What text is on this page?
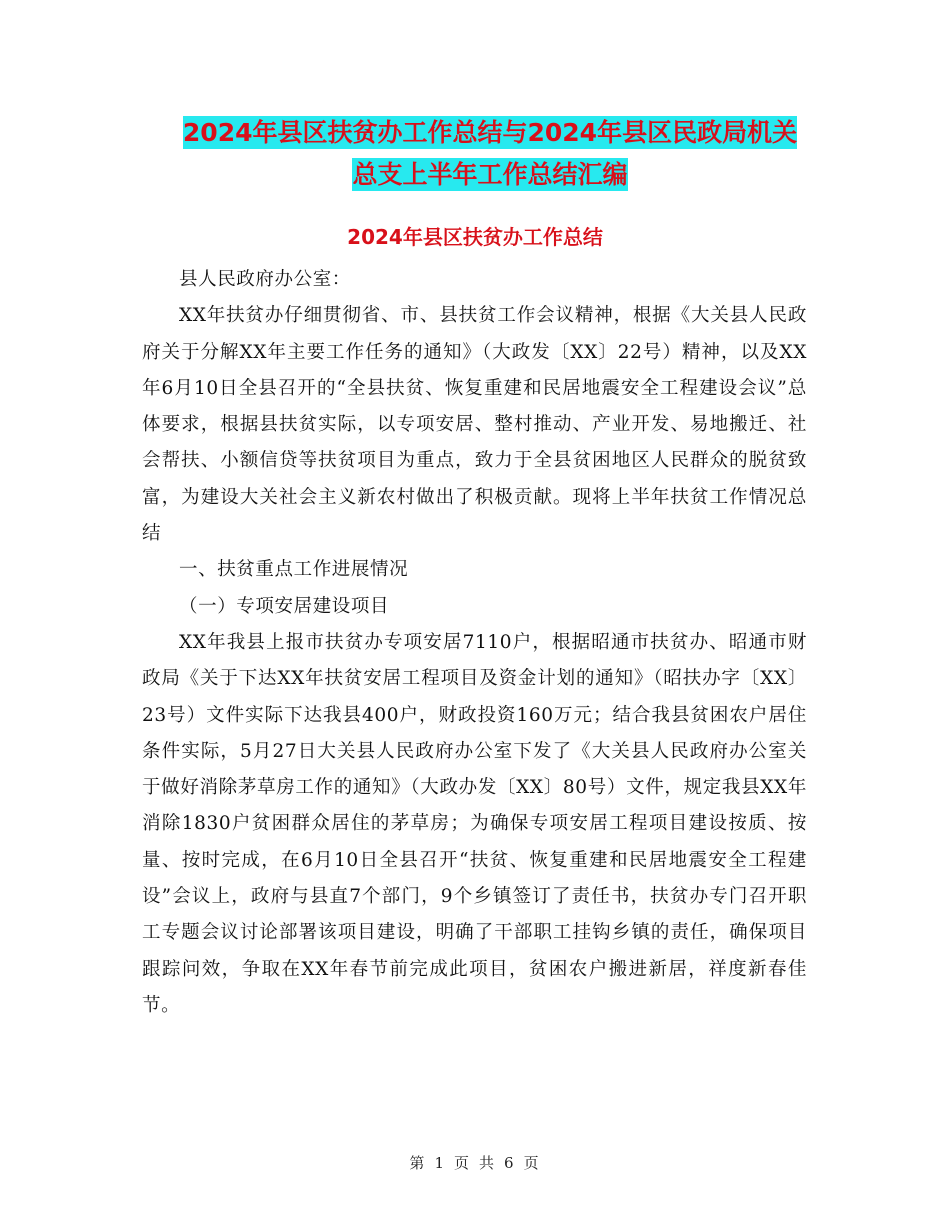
2024年县区扶贫办工作总结与2024年县区民政局机关
总支上半年工作总结汇编
2024年县区扶贫办工作总结

县人民政府办公室：

XX年扶贫办仔细贯彻省、市、县扶贫工作会议精神，根据《大关县人民政府关于分解XX年主要工作任务的通知》（大政发〔XX〕22号）精神，以及XX年6月10日全县召开的“全县扶贫、恢复重建和民居地震安全工程建设会议”总体要求，根据县扶贫实际，以专项安居、整村推动、产业开发、易地搬迁、社会帮扶、小额信贷等扶贫项目为重点，致力于全县贫困地区人民群众的脱贫致富，为建设大关社会主义新农村做出了积极贡献。现将上半年扶贫工作情况总结

一、扶贫重点工作进展情况

（一）专项安居建设项目

XX年我县上报市扶贫办专项安居7110户，根据昭通市扶贫办、昭通市财政局《关于下达XX年扶贫安居工程项目及资金计划的通知》（昭扶办字〔XX〕23号）文件实际下达我县400户，财政投资160万元；结合我县贫困农户居住条件实际，5月27日大关县人民政府办公室下发了《大关县人民政府办公室关于做好消除茅草房工作的通知》（大政办发〔XX〕80号）文件，规定我县XX年消除1830户贫困群众居住的茅草房；为确保专项安居工程项目建设按质、按量、按时完成，在6月10日全县召开“扶贫、恢复重建和民居地震安全工程建设”会议上，政府与县直7个部门，9个乡镇签订了责任书，扶贫办专门召开职工专题会议讨论部署该项目建设，明确了干部职工挂钩乡镇的责任，确保项目跟踪问效，争取在XX年春节前完成此项目，贫困农户搬进新居，祥度新春佳节。

第 1 页 共 6 页
